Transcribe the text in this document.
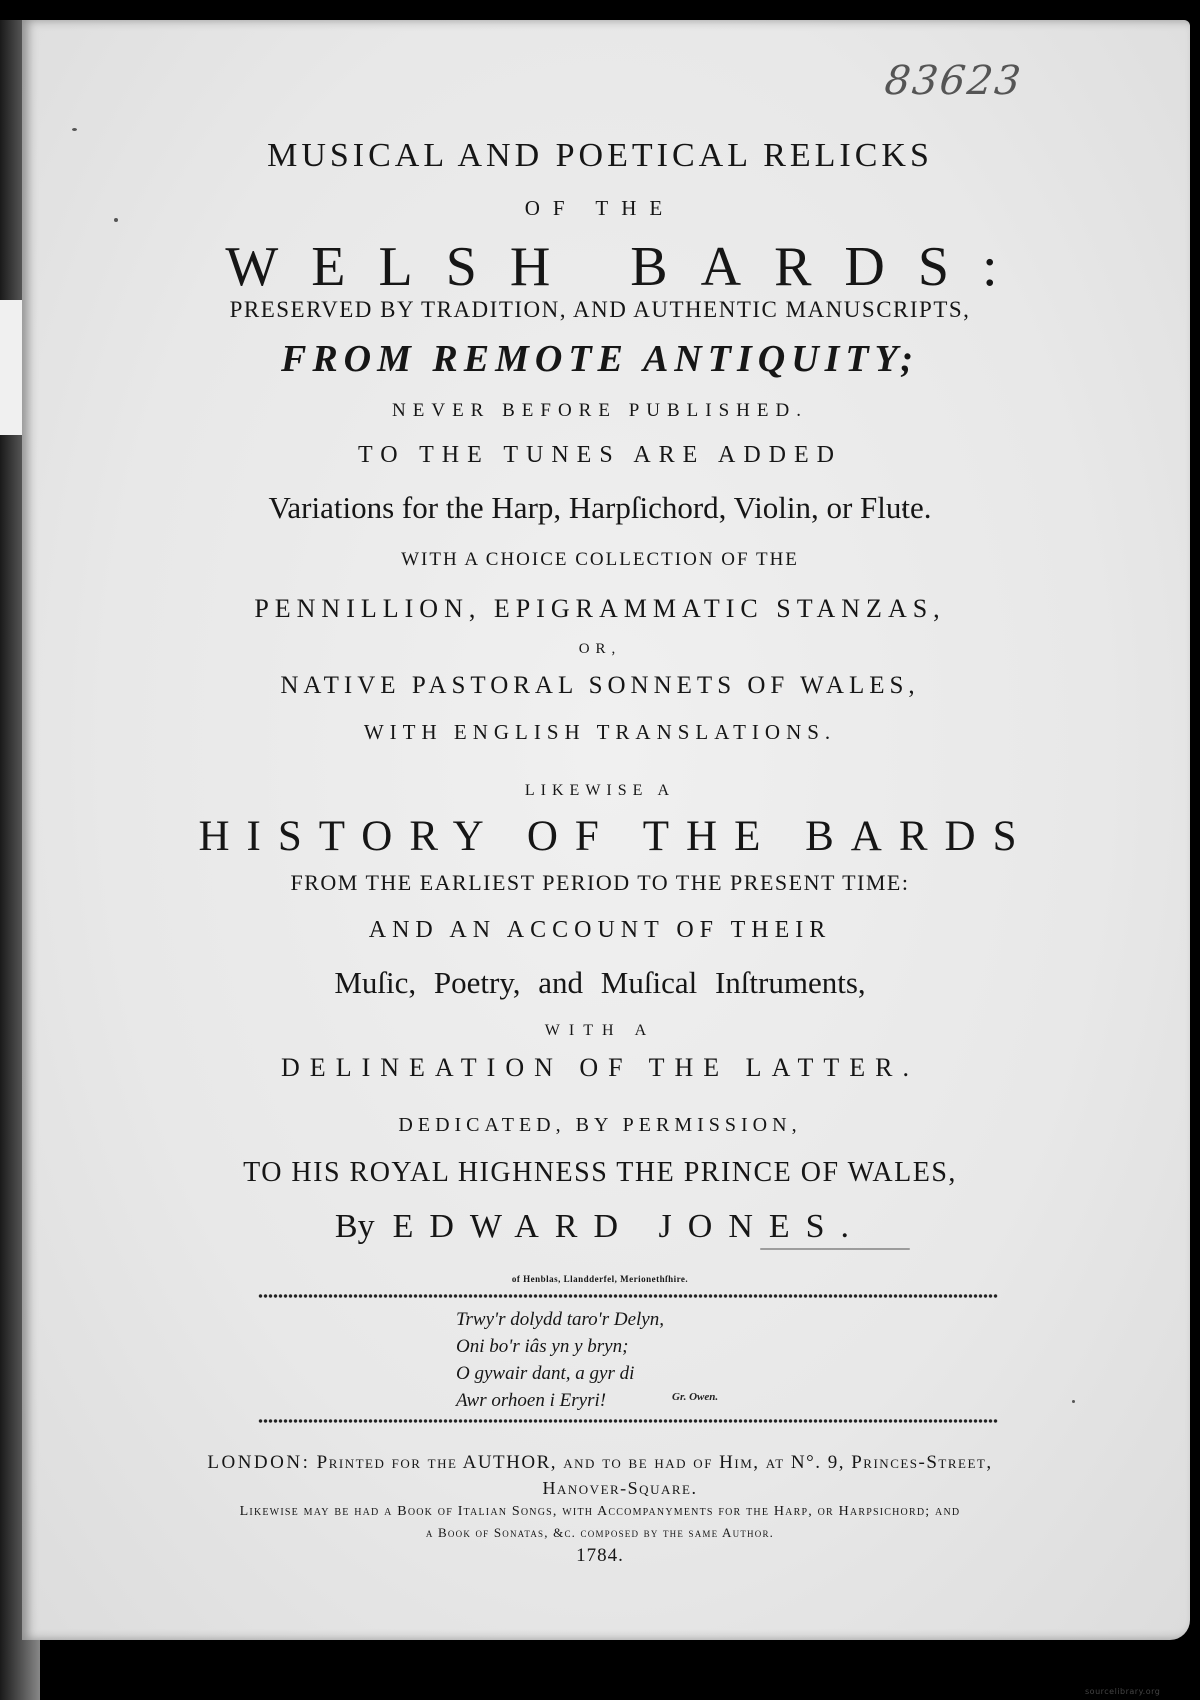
83623
MUSICAL AND POETICAL RELICKS
OF THE
WELSH BARDS:
PRESERVED BY TRADITION, AND AUTHENTIC MANUSCRIPTS,
FROM REMOTE ANTIQUITY;
NEVER BEFORE PUBLISHED.
TO THE TUNES ARE ADDED
Variations for the Harp, Harpſichord, Violin, or Flute.
WITH A CHOICE COLLECTION OF THE
PENNILLION, EPIGRAMMATIC STANZAS,
OR,
NATIVE PASTORAL SONNETS OF WALES,
WITH ENGLISH TRANSLATIONS.
LIKEWISE A
HISTORY OF THE BARDS
FROM THE EARLIEST PERIOD TO THE PRESENT TIME:
AND AN ACCOUNT OF THEIR
Muſic, Poetry, and Muſical Inſtruments,
WITH A
DELINEATION OF THE LATTER.
DEDICATED, BY PERMISSION,
TO HIS ROYAL HIGHNESS THE PRINCE OF WALES,
By EDWARD JONES.
of Henblas, Llandderfel, Merionethſhire.
Trwy'r dolydd taro'r Delyn,
Oni bo'r iâs yn y bryn;
O gywair dant, a gyr di
Awr orhoen i Eryri!	Gr. Owen.
LONDON: Printed for the AUTHOR, and to be had of Him, at N°. 9, Princes-Street,
Hanover-Square.
Likewise may be had a Book of Italian Songs, with Accompanyments for the Harp, or Harpsichord; and
a Book of Sonatas, &c. composed by the same Author.
1784.
sourcelibrary.org
